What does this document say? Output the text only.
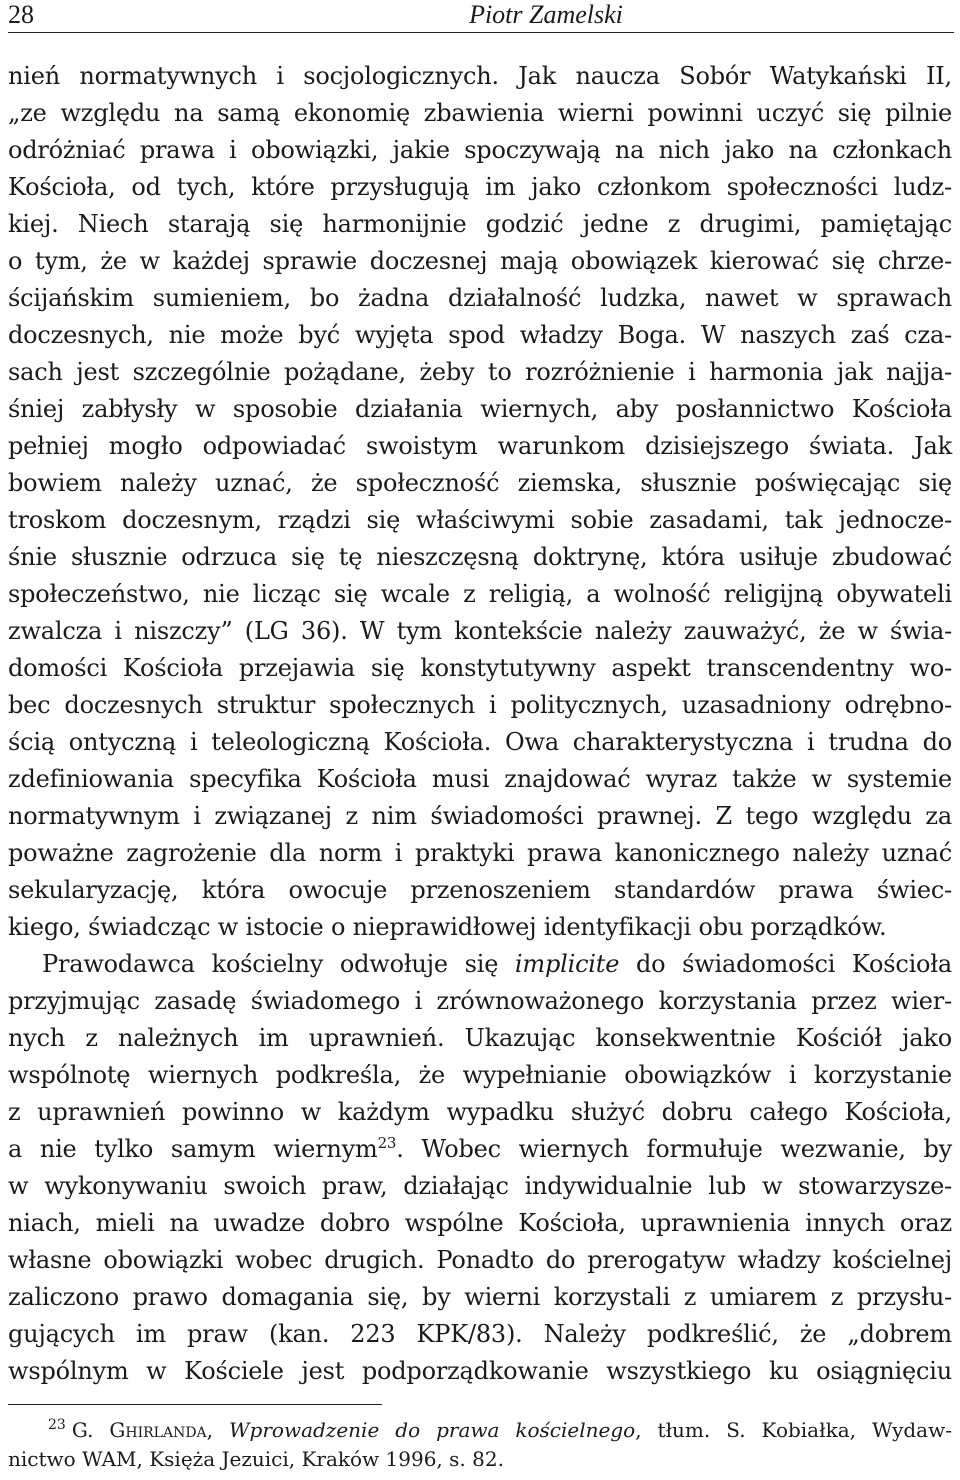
28	Piotr Zamelski
nień normatywnych i socjologicznych. Jak naucza Sobór Watykański II,
„ze względu na samą ekonomię zbawienia wierni powinni uczyć się pilnie
odróżniać prawa i obowiązki, jakie spoczywają na nich jako na członkach
Kościoła, od tych, które przysługują im jako członkom społeczności ludz-
kiej. Niech starają się harmonijnie godzić jedne z drugimi, pamiętając
o tym, że w każdej sprawie doczesnej mają obowiązek kierować się chrze-
ścijańskim sumieniem, bo żadna działalność ludzka, nawet w sprawach
doczesnych, nie może być wyjęta spod władzy Boga. W naszych zaś cza-
sach jest szczególnie pożądane, żeby to rozróżnienie i harmonia jak najja-
śniej zabłysły w sposobie działania wiernych, aby posłannictwo Kościoła
pełniej mogło odpowiadać swoistym warunkom dzisiejszego świata. Jak
bowiem należy uznać, że społeczność ziemska, słusznie poświęcając się
troskom doczesnym, rządzi się właściwymi sobie zasadami, tak jednocze-
śnie słusznie odrzuca się tę nieszczęsną doktrynę, która usiłuje zbudować
społeczeństwo, nie licząc się wcale z religią, a wolność religijną obywateli
zwalcza i niszczy” (LG 36). W tym kontekście należy zauważyć, że w świa-
domości Kościoła przejawia się konstytutywny aspekt transcendentny wo-
bec doczesnych struktur społecznych i politycznych, uzasadniony odrębno-
ścią ontyczną i teleologiczną Kościoła. Owa charakterystyczna i trudna do
zdefiniowania specyfika Kościoła musi znajdować wyraz także w systemie
normatywnym i związanej z nim świadomości prawnej. Z tego względu za
poważne zagrożenie dla norm i praktyki prawa kanonicznego należy uznać
sekularyzację, która owocuje przenoszeniem standardów prawa świec-
kiego, świadcząc w istocie o nieprawidłowej identyfikacji obu porządków.
Prawodawca kościelny odwołuje się implicite do świadomości Kościoła
przyjmując zasadę świadomego i zrównoważonego korzystania przez wier-
nych z należnych im uprawnień. Ukazując konsekwentnie Kościół jako
wspólnotę wiernych podkreśla, że wypełnianie obowiązków i korzystanie
z uprawnień powinno w każdym wypadku służyć dobru całego Kościoła,
a nie tylko samym wiernym$^{23}$. Wobec wiernych formułuje wezwanie, by
w wykonywaniu swoich praw, działając indywidualnie lub w stowarzysze-
niach, mieli na uwadze dobro wspólne Kościoła, uprawnienia innych oraz
własne obowiązki wobec drugich. Ponadto do prerogatyw władzy kościelnej
zaliczono prawo domagania się, by wierni korzystali z umiarem z przysłu-
gujących im praw (kan. 223 KPK/83). Należy podkreślić, że „dobrem
wspólnym w Kościele jest podporządkowanie wszystkiego ku osiągnięciu
$^{23}$ G. Ghirlanda, Wprowadzenie do prawa kościelnego, tłum. S. Kobiałka, Wydaw-
nictwo WAM, Księża Jezuici, Kraków 1996, s. 82.
